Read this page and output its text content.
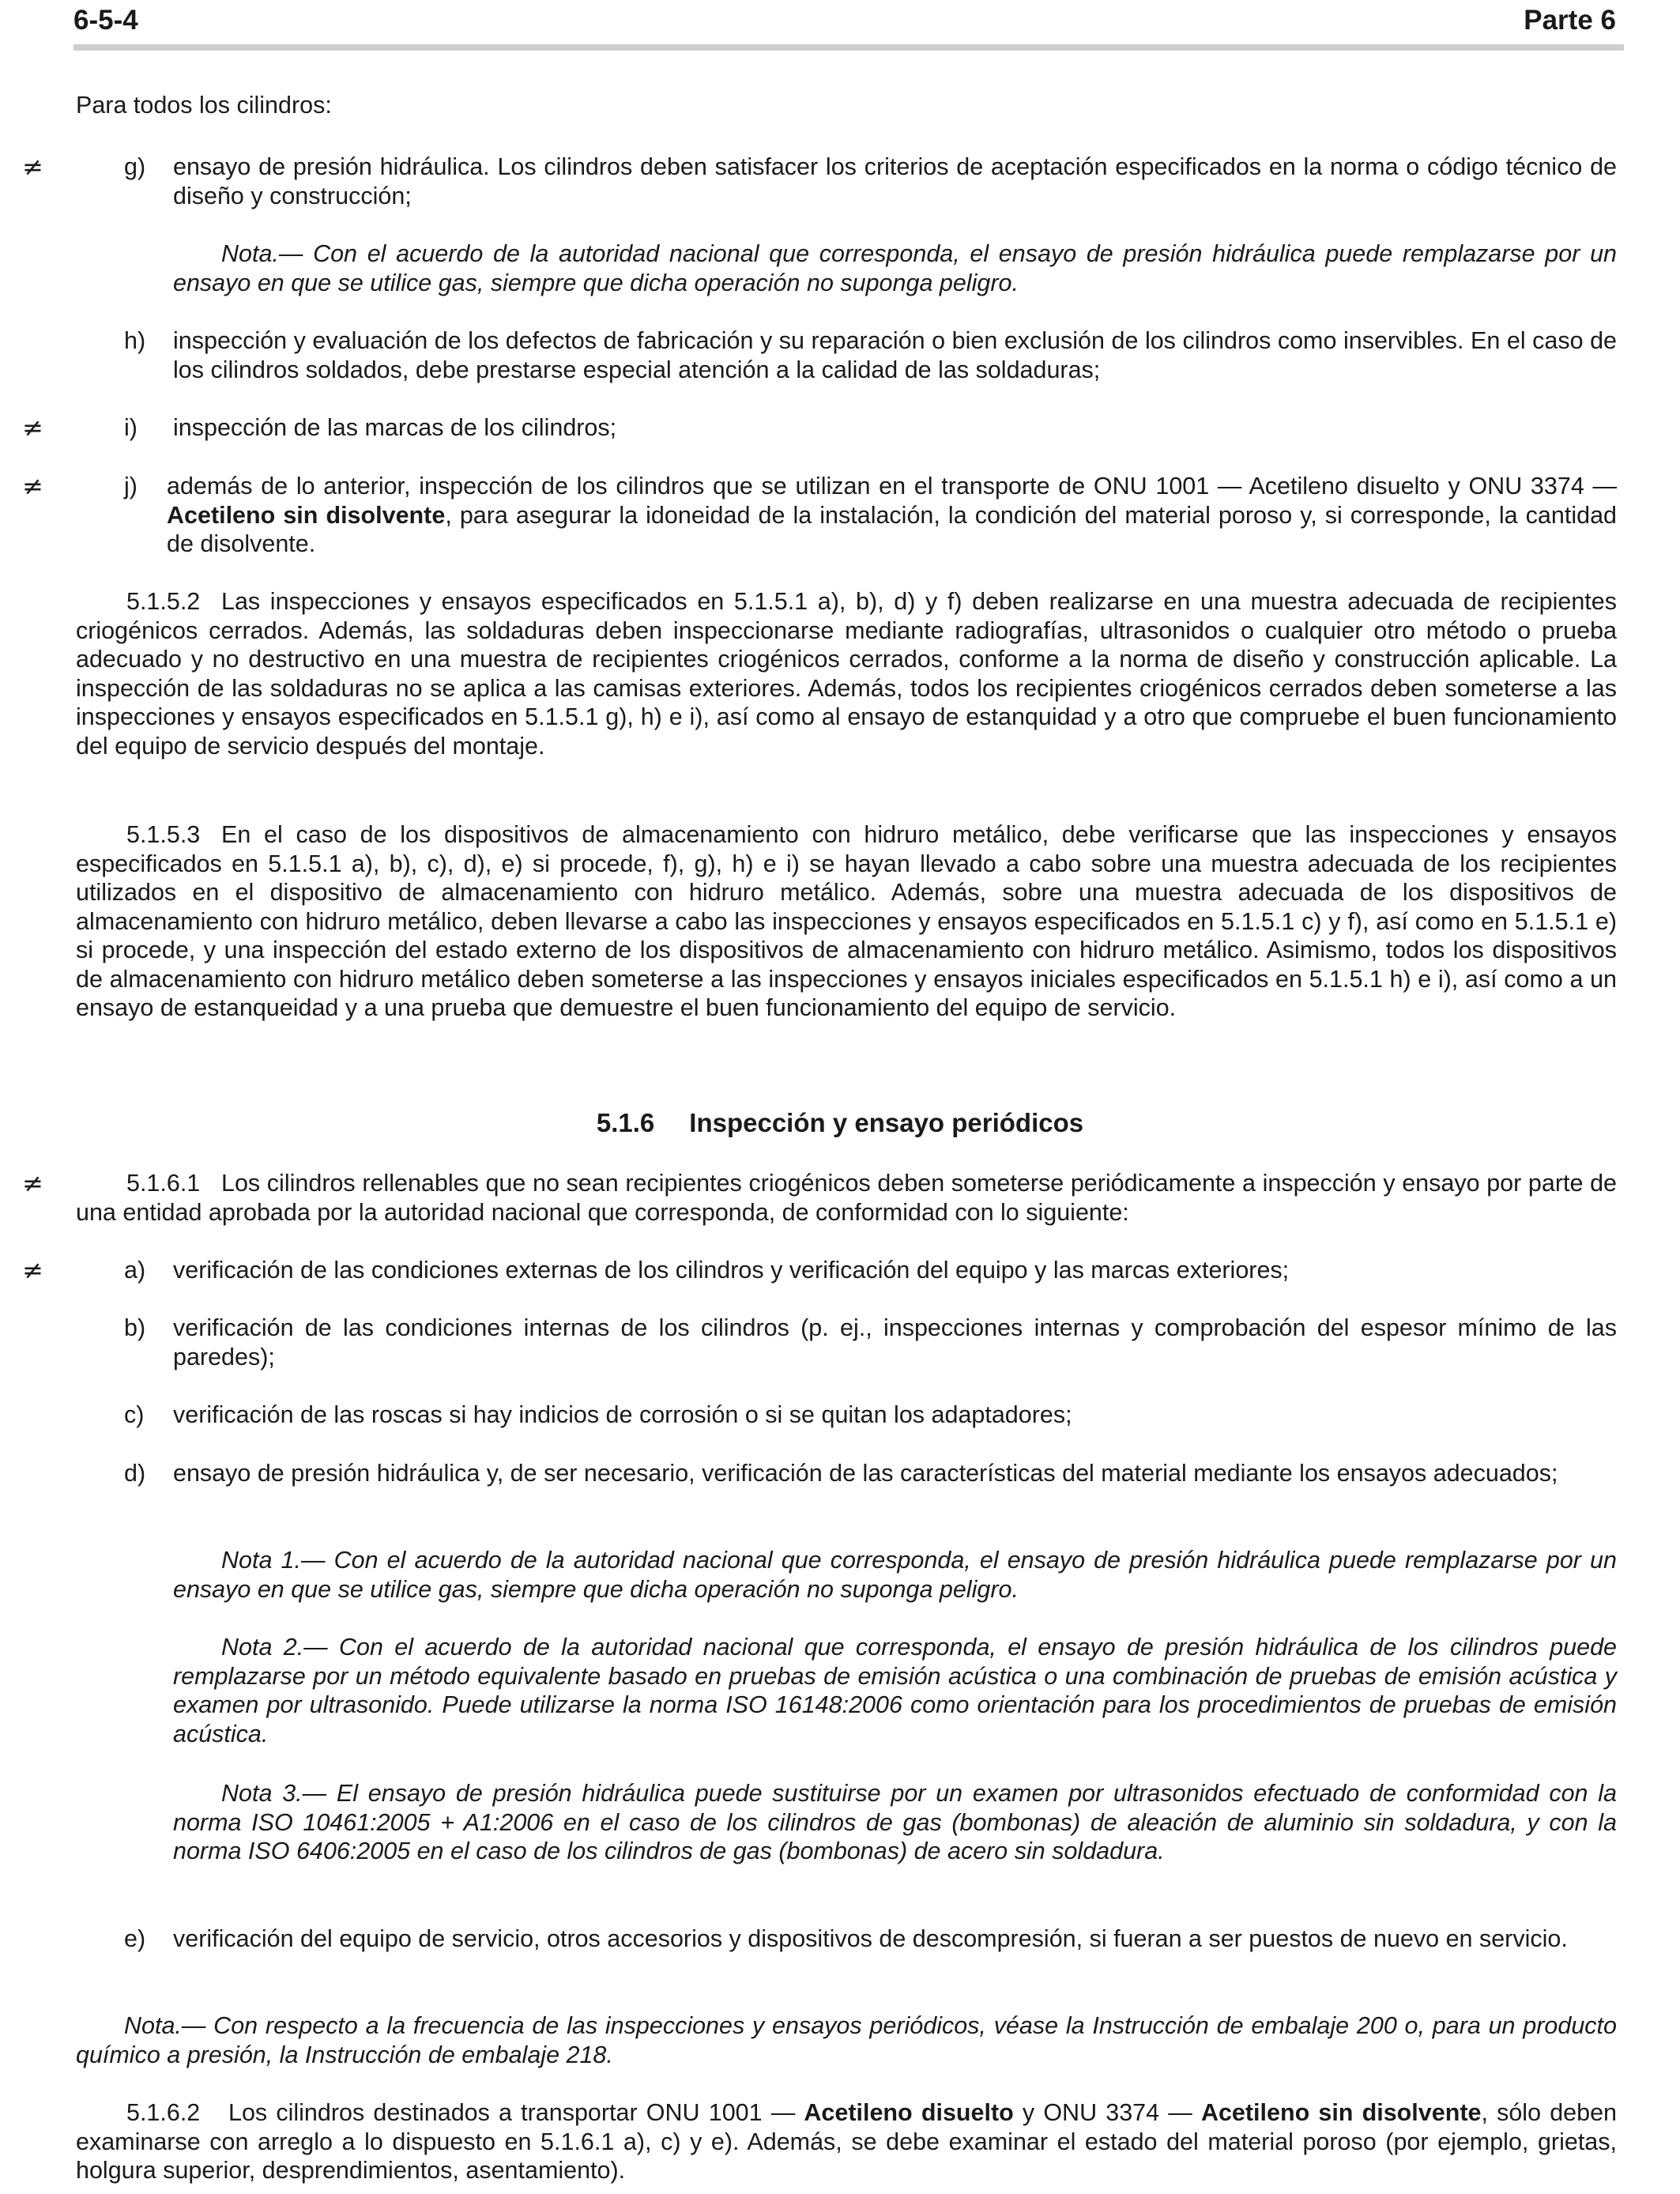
6-5-4	Parte 6
Para todos los cilindros:
≠	g) ensayo de presión hidráulica. Los cilindros deben satisfacer los criterios de aceptación especificados en la norma o código técnico de diseño y construcción;
Nota.— Con el acuerdo de la autoridad nacional que corresponda, el ensayo de presión hidráulica puede remplazarse por un ensayo en que se utilice gas, siempre que dicha operación no suponga peligro.
h) inspección y evaluación de los defectos de fabricación y su reparación o bien exclusión de los cilindros como inservibles. En el caso de los cilindros soldados, debe prestarse especial atención a la calidad de las soldaduras;
≠	i) inspección de las marcas de los cilindros;
≠	j) además de lo anterior, inspección de los cilindros que se utilizan en el transporte de ONU 1001 — Acetileno disuelto y ONU 3374 — Acetileno sin disolvente, para asegurar la idoneidad de la instalación, la condición del material poroso y, si corresponde, la cantidad de disolvente.
5.1.5.2 Las inspecciones y ensayos especificados en 5.1.5.1 a), b), d) y f) deben realizarse en una muestra adecuada de recipientes criogénicos cerrados. Además, las soldaduras deben inspeccionarse mediante radiografías, ultrasonidos o cualquier otro método o prueba adecuado y no destructivo en una muestra de recipientes criogénicos cerrados, conforme a la norma de diseño y construcción aplicable. La inspección de las soldaduras no se aplica a las camisas exteriores. Además, todos los recipientes criogénicos cerrados deben someterse a las inspecciones y ensayos especificados en 5.1.5.1 g), h) e i), así como al ensayo de estanquidad y a otro que compruebe el buen funcionamiento del equipo de servicio después del montaje.
5.1.5.3 En el caso de los dispositivos de almacenamiento con hidruro metálico, debe verificarse que las inspecciones y ensayos especificados en 5.1.5.1 a), b), c), d), e) si procede, f), g), h) e i) se hayan llevado a cabo sobre una muestra adecuada de los recipientes utilizados en el dispositivo de almacenamiento con hidruro metálico. Además, sobre una muestra adecuada de los dispositivos de almacenamiento con hidruro metálico, deben llevarse a cabo las inspecciones y ensayos especificados en 5.1.5.1 c) y f), así como en 5.1.5.1 e) si procede, y una inspección del estado externo de los dispositivos de almacenamiento con hidruro metálico. Asimismo, todos los dispositivos de almacenamiento con hidruro metálico deben someterse a las inspecciones y ensayos iniciales especificados en 5.1.5.1 h) e i), así como a un ensayo de estanqueidad y a una prueba que demuestre el buen funcionamiento del equipo de servicio.
5.1.6 Inspección y ensayo periódicos
≠	5.1.6.1 Los cilindros rellenables que no sean recipientes criogénicos deben someterse periódicamente a inspección y ensayo por parte de una entidad aprobada por la autoridad nacional que corresponda, de conformidad con lo siguiente:
≠	a) verificación de las condiciones externas de los cilindros y verificación del equipo y las marcas exteriores;
b) verificación de las condiciones internas de los cilindros (p. ej., inspecciones internas y comprobación del espesor mínimo de las paredes);
c) verificación de las roscas si hay indicios de corrosión o si se quitan los adaptadores;
d) ensayo de presión hidráulica y, de ser necesario, verificación de las características del material mediante los ensayos adecuados;
Nota 1.— Con el acuerdo de la autoridad nacional que corresponda, el ensayo de presión hidráulica puede remplazarse por un ensayo en que se utilice gas, siempre que dicha operación no suponga peligro.
Nota 2.— Con el acuerdo de la autoridad nacional que corresponda, el ensayo de presión hidráulica de los cilindros puede remplazarse por un método equivalente basado en pruebas de emisión acústica o una combinación de pruebas de emisión acústica y examen por ultrasonido. Puede utilizarse la norma ISO 16148:2006 como orientación para los procedimientos de pruebas de emisión acústica.
Nota 3.— El ensayo de presión hidráulica puede sustituirse por un examen por ultrasonidos efectuado de conformidad con la norma ISO 10461:2005 + A1:2006 en el caso de los cilindros de gas (bombonas) de aleación de aluminio sin soldadura, y con la norma ISO 6406:2005 en el caso de los cilindros de gas (bombonas) de acero sin soldadura.
e) verificación del equipo de servicio, otros accesorios y dispositivos de descompresión, si fueran a ser puestos de nuevo en servicio.
Nota.— Con respecto a la frecuencia de las inspecciones y ensayos periódicos, véase la Instrucción de embalaje 200 o, para un producto químico a presión, la Instrucción de embalaje 218.
5.1.6.2 Los cilindros destinados a transportar ONU 1001 — Acetileno disuelto y ONU 3374 — Acetileno sin disolvente, sólo deben examinarse con arreglo a lo dispuesto en 5.1.6.1 a), c) y e). Además, se debe examinar el estado del material poroso (por ejemplo, grietas, holgura superior, desprendimientos, asentamiento).
